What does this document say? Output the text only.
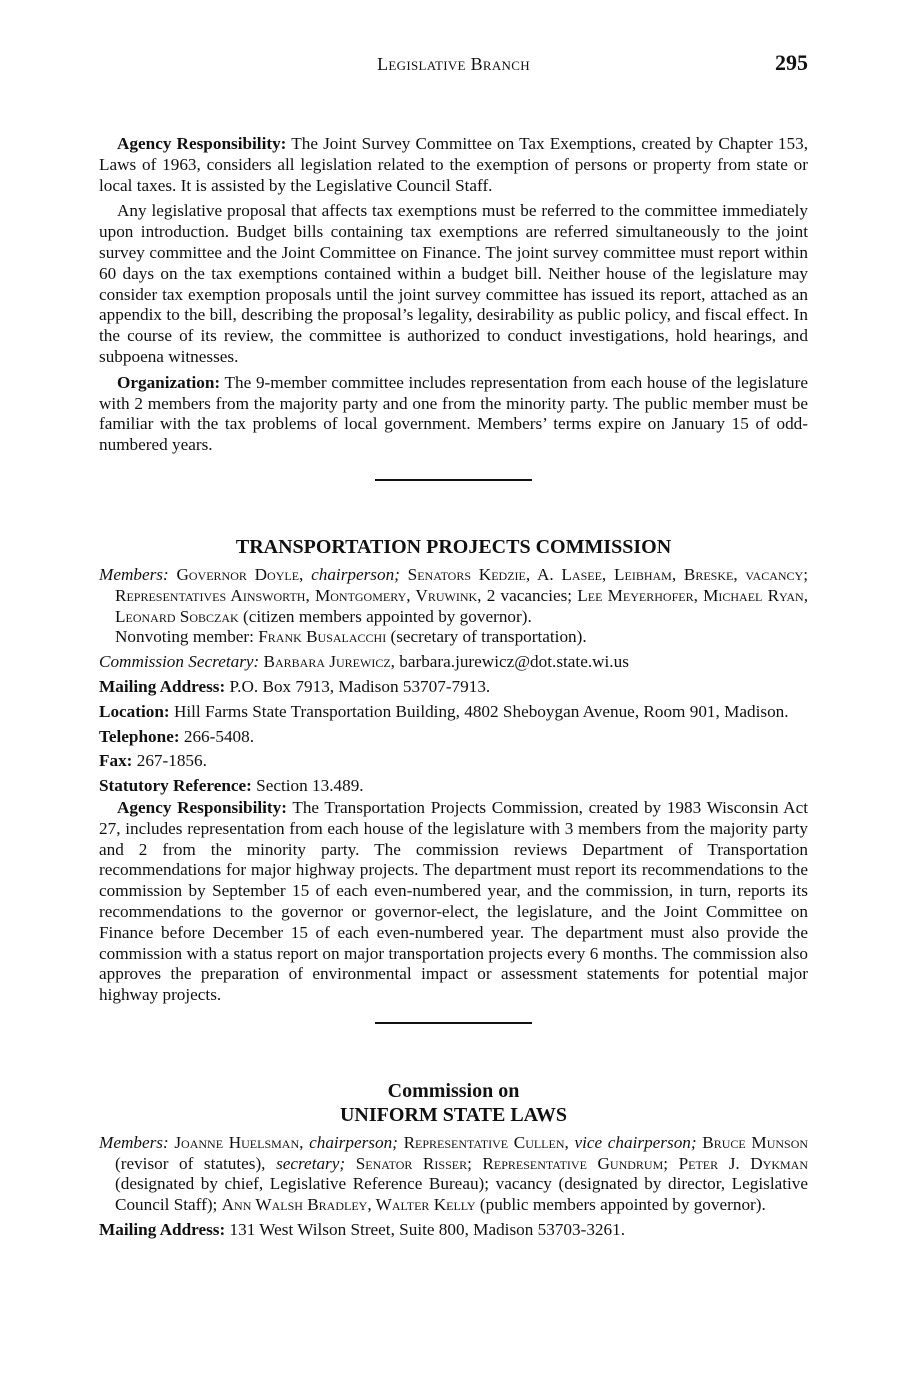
Legislative Branch	295

Agency Responsibility: The Joint Survey Committee on Tax Exemptions, created by Chapter 153, Laws of 1963, considers all legislation related to the exemption of persons or property from state or local taxes. It is assisted by the Legislative Council Staff.

Any legislative proposal that affects tax exemptions must be referred to the committee immediately upon introduction. Budget bills containing tax exemptions are referred simultaneously to the joint survey committee and the Joint Committee on Finance. The joint survey committee must report within 60 days on the tax exemptions contained within a budget bill. Neither house of the legislature may consider tax exemption proposals until the joint survey committee has issued its report, attached as an appendix to the bill, describing the proposal’s legality, desirability as public policy, and fiscal effect. In the course of its review, the committee is authorized to conduct investigations, hold hearings, and subpoena witnesses.

Organization: The 9-member committee includes representation from each house of the legislature with 2 members from the majority party and one from the minority party. The public member must be familiar with the tax problems of local government. Members’ terms expire on January 15 of odd-numbered years.

TRANSPORTATION PROJECTS COMMISSION

Members: Governor Doyle, chairperson; Senators Kedzie, A. Lasee, Leibham, Breske, vacancy; Representatives Ainsworth, Montgomery, Vruwink, 2 vacancies; Lee Meyerhofer, Michael Ryan, Leonard Sobczak (citizen members appointed by governor).
Nonvoting member: Frank Busalacchi (secretary of transportation).

Commission Secretary: Barbara Jurewicz, barbara.jurewicz@dot.state.wi.us

Mailing Address: P.O. Box 7913, Madison 53707-7913.

Location: Hill Farms State Transportation Building, 4802 Sheboygan Avenue, Room 901, Madison.

Telephone: 266-5408.

Fax: 267-1856.

Statutory Reference: Section 13.489.

Agency Responsibility: The Transportation Projects Commission, created by 1983 Wisconsin Act 27, includes representation from each house of the legislature with 3 members from the majority party and 2 from the minority party. The commission reviews Department of Transportation recommendations for major highway projects. The department must report its recommendations to the commission by September 15 of each even-numbered year, and the commission, in turn, reports its recommendations to the governor or governor-elect, the legislature, and the Joint Committee on Finance before December 15 of each even-numbered year. The department must also provide the commission with a status report on major transportation projects every 6 months. The commission also approves the preparation of environmental impact or assessment statements for potential major highway projects.

Commission on
UNIFORM STATE LAWS

Members: Joanne Huelsman, chairperson; Representative Cullen, vice chairperson; Bruce Munson (revisor of statutes), secretary; Senator Risser; Representative Gundrum; Peter J. Dykman (designated by chief, Legislative Reference Bureau); vacancy (designated by director, Legislative Council Staff); Ann Walsh Bradley, Walter Kelly (public members appointed by governor).

Mailing Address: 131 West Wilson Street, Suite 800, Madison 53703-3261.
